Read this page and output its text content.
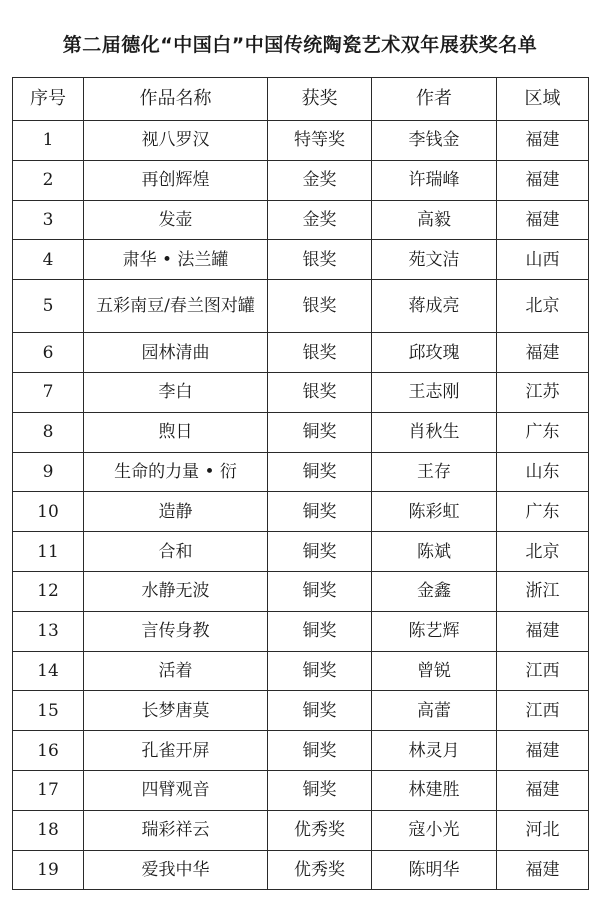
第二届德化“中国白”中国传统陶瓷艺术双年展获奖名单
序号	作品名称	获奖	作者	区域
1	视八罗汉	特等奖	李钱金	福建
2	再创辉煌	金奖	许瑞峰	福建
3	发壶	金奖	高毅	福建
4	肃华 • 法兰罐	银奖	苑文洁	山西
5	五彩南豆/春兰图对罐	银奖	蒋成亮	北京
6	园林清曲	银奖	邱玫瑰	福建
7	李白	银奖	王志刚	江苏
8	煦日	铜奖	肖秋生	广东
9	生命的力量 • 衍	铜奖	王存	山东
10	造静	铜奖	陈彩虹	广东
11	合和	铜奖	陈斌	北京
12	水静无波	铜奖	金鑫	浙江
13	言传身教	铜奖	陈艺辉	福建
14	活着	铜奖	曾锐	江西
15	长梦唐莫	铜奖	高蕾	江西
16	孔雀开屏	铜奖	林灵月	福建
17	四臂观音	铜奖	林建胜	福建
18	瑞彩祥云	优秀奖	寇小光	河北
19	爱我中华	优秀奖	陈明华	福建
